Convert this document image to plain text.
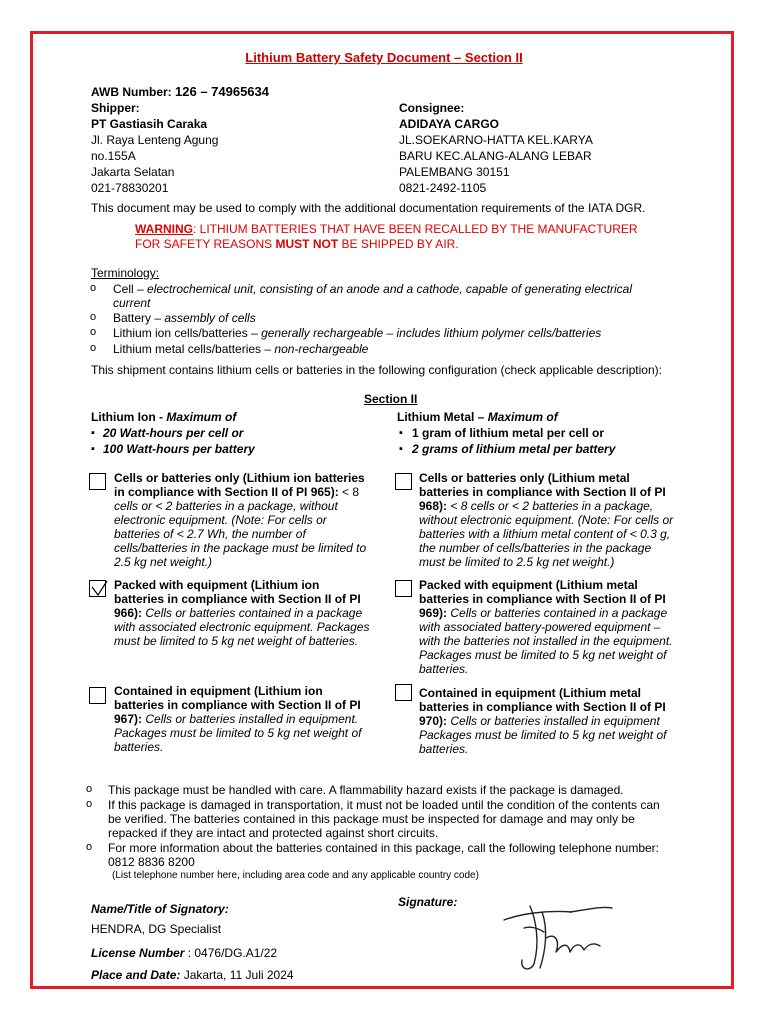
Lithium Battery Safety Document – Section II
AWB Number: 126 – 74965634
Shipper:
PT Gastiasih Caraka
Jl. Raya Lenteng Agung
no.155A
Jakarta Selatan
021-78830201
Consignee:
ADIDAYA CARGO
JL.SOEKARNO-HATTA KEL.KARYA
BARU KEC.ALANG-ALANG LEBAR
PALEMBANG 30151
0821-2492-1105
This document may be used to comply with the additional documentation requirements of the IATA DGR.
WARNING: LITHIUM BATTERIES THAT HAVE BEEN RECALLED BY THE MANUFACTURER
FOR SAFETY REASONS MUST NOT BE SHIPPED BY AIR.
Terminology:
o Cell – electrochemical unit, consisting of an anode and a cathode, capable of generating electrical
current
o Battery – assembly of cells
o Lithium ion cells/batteries – generally rechargeable – includes lithium polymer cells/batteries
o Lithium metal cells/batteries – non-rechargeable
This shipment contains lithium cells or batteries in the following configuration (check applicable description):
Section II
Lithium Ion - Maximum of
▪ 20 Watt-hours per cell or
▪ 100 Watt-hours per battery
Lithium Metal – Maximum of
▪ 1 gram of lithium metal per cell or
▪ 2 grams of lithium metal per battery
Cells or batteries only (Lithium ion batteries
in compliance with Section II of PI 965): < 8
cells or < 2 batteries in a package, without
electronic equipment. (Note: For cells or
batteries of < 2.7 Wh, the number of
cells/batteries in the package must be limited to
2.5 kg net weight.)
Packed with equipment (Lithium ion
batteries in compliance with Section II of PI
966): Cells or batteries contained in a package
with associated electronic equipment. Packages
must be limited to 5 kg net weight of batteries.
Contained in equipment (Lithium ion
batteries in compliance with Section II of PI
967): Cells or batteries installed in equipment.
Packages must be limited to 5 kg net weight of
batteries.
Cells or batteries only (Lithium metal
batteries in compliance with Section II of PI
968): < 8 cells or < 2 batteries in a package,
without electronic equipment. (Note: For cells or
batteries with a lithium metal content of < 0.3 g,
the number of cells/batteries in the package
must be limited to 2.5 kg net weight.)
Packed with equipment (Lithium metal
batteries in compliance with Section II of PI
969): Cells or batteries contained in a package
with associated battery-powered equipment –
with the batteries not installed in the equipment.
Packages must be limited to 5 kg net weight of
batteries.
Contained in equipment (Lithium metal
batteries in compliance with Section II of PI
970): Cells or batteries installed in equipment
Packages must be limited to 5 kg net weight of
batteries.
o This package must be handled with care. A flammability hazard exists if the package is damaged.
o If this package is damaged in transportation, it must not be loaded until the condition of the contents can
be verified. The batteries contained in this package must be inspected for damage and may only be
repacked if they are intact and protected against short circuits.
o For more information about the batteries contained in this package, call the following telephone number:
0812 8836 8200
(List telephone number here, including area code and any applicable country code)
Name/Title of Signatory:
HENDRA, DG Specialist
License Number : 0476/DG.A1/22
Place and Date: Jakarta, 11 Juli 2024
Signature:
